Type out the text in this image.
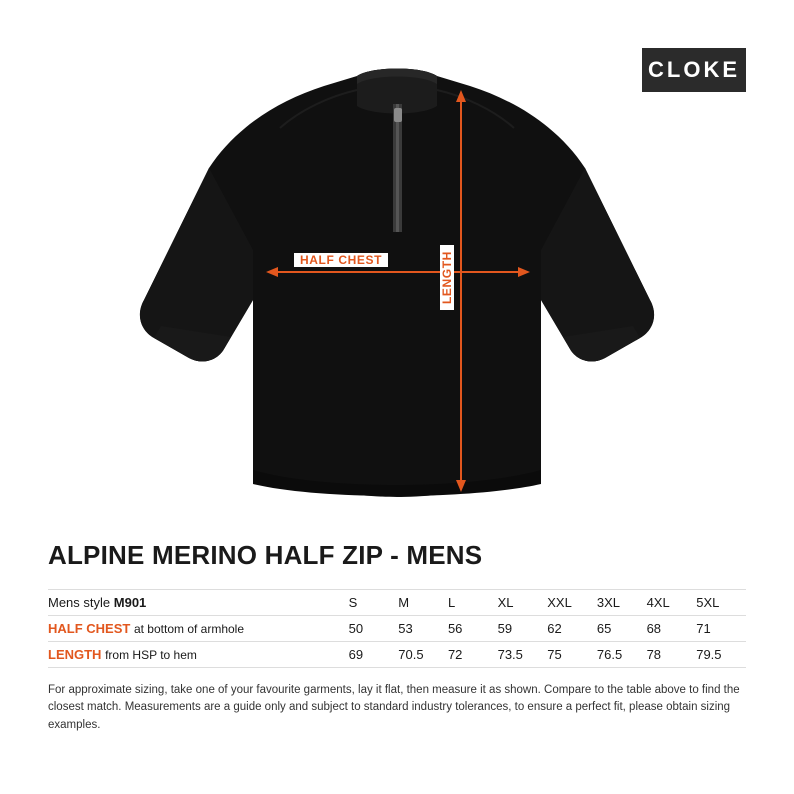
HALF CHEST	LENGTH
CLOKE
ALPINE MERINO HALF ZIP - MENS
Mens style M901	S	M	L	XL	XXL	3XL	4XL	5XL
HALF CHEST at bottom of armhole	50	53	56	59	62	65	68	71
LENGTH from HSP to hem	69	70.5	72	73.5	75	76.5	78	79.5

For approximate sizing, take one of your favourite garments, lay it flat, then measure it as shown. Compare to the table above to find the closest match. Measurements are a guide only and subject to standard industry tolerances, to ensure a perfect fit, please obtain sizing examples.
